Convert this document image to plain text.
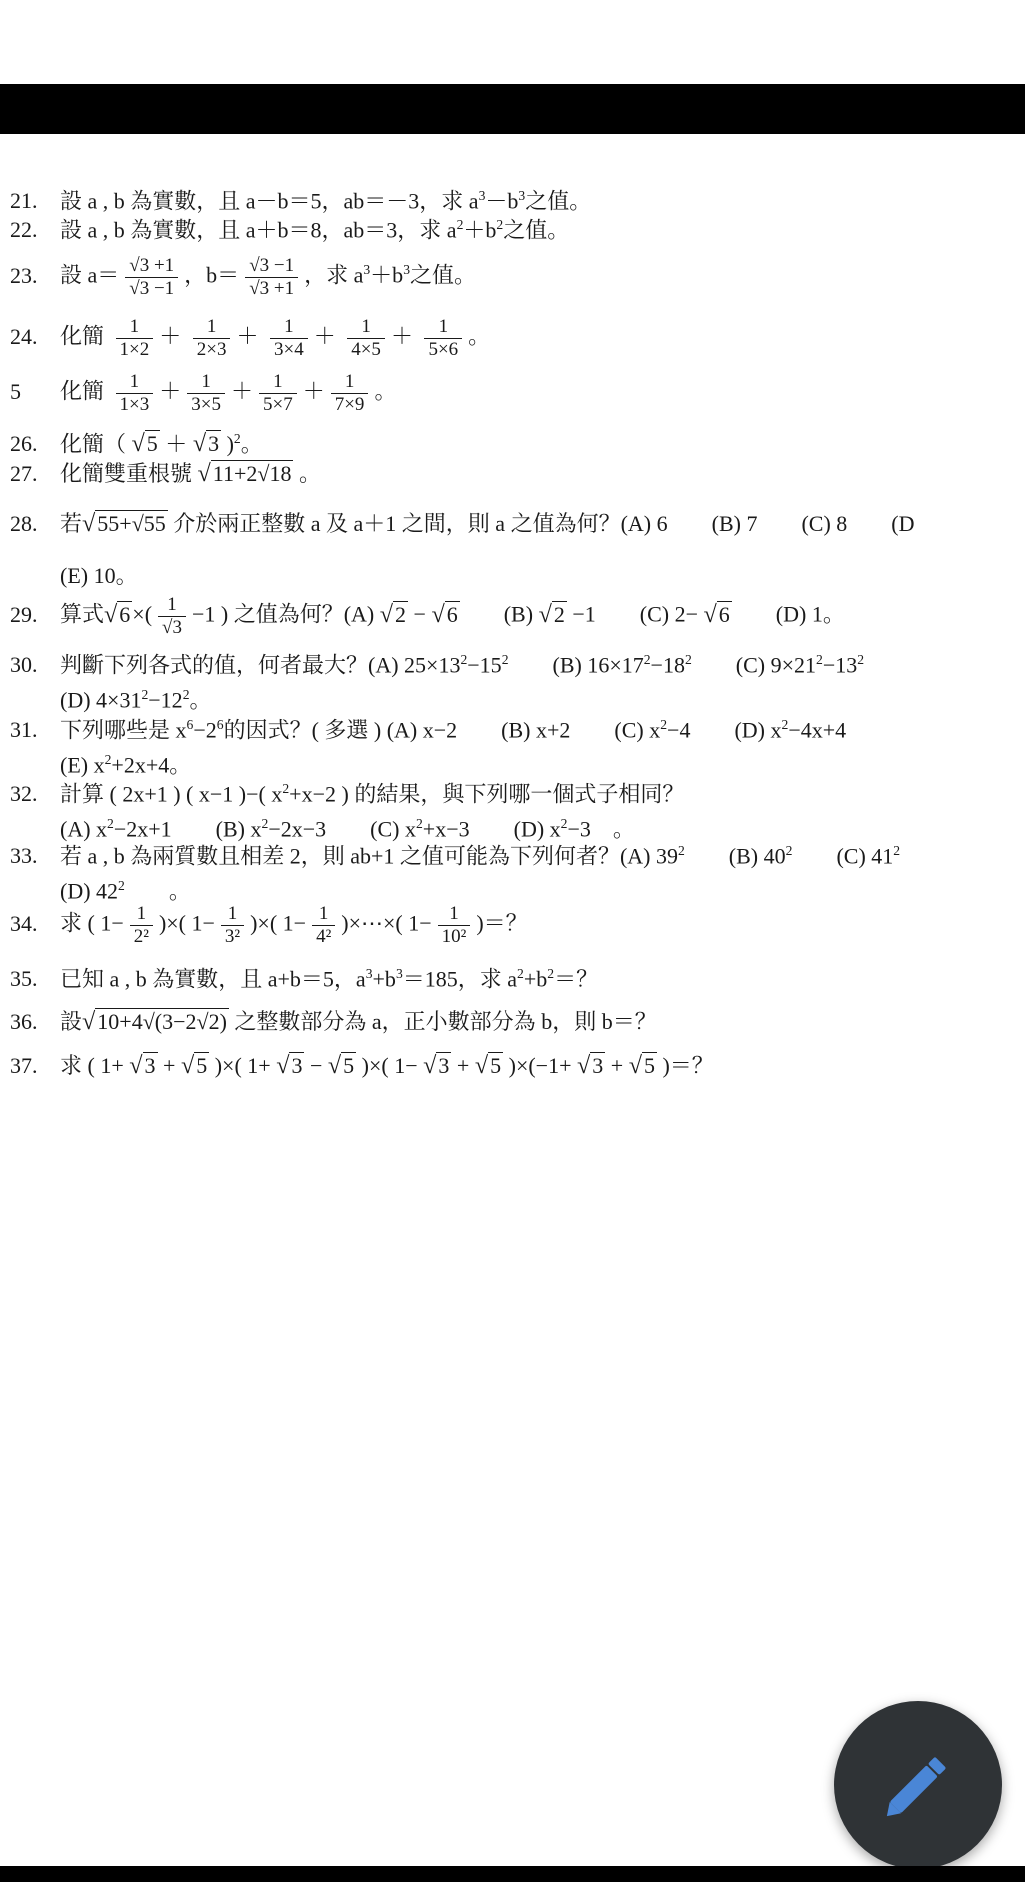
21. 設 a , b 為實數，且 a－b＝5，ab＝－3，求 $a^3-b^3$之值。
22. 設 a , b 為實數，且 a＋b＝8，ab＝3，求 $a^2+b^2$之值。
23. 設 $a= \frac{√3 +1}{√3 -1}$ ，$b= \frac{√3 -1}{√3 +1}$ ，求 $a^3+b^3$之值。
24. 化簡 $\frac{1}{1\times 2} + \frac{1}{2\times 3} + \frac{1}{3\times 4} + \frac{1}{4\times 5} + \frac{1}{5\times 6}$ 。
5 化簡 $\frac{1}{1\times 3} + \frac{1}{3\times 5} + \frac{1}{5\times 7} + \frac{1}{7\times 9}$ 。
26. 化簡（ √5 ＋ √3 )$^2$。
27. 化簡雙重根號 √11+2√18 。
28. 若√55+√55 介於兩正整數 a 及 a＋1 之間，則 a 之值為何？(A) 6　　(B) 7　　(C) 8　　(D
(E) 10。
29. 算式$√6\times( \frac{1}{√3} -1$ ) 之值為何？(A) √2 − √6　　(B) √2 −1　　(C) 2− √6　　(D) 1。
30. 判斷下列各式的值，何者最大？(A) $25\times 13^2-15^2$　　(B) $16\times 17^2-18^2$　　(C) $9\times 21^2-13^2$
(D) $4\times 31^2-12^2$。
31. 下列哪些是 $x^6-2^6$的因式？( 多選 ) (A) x−2　　(B) x+2　　(C) $x^2-4$　　(D) $x^2-4x+4$
(E) $x^2+2x+4$。
32. 計算 ( 2x+1 ) ( x−1 )−( $x^2+x-2$ ) 的結果，與下列哪一個式子相同？
(A) $x^2-2x+1$　　(B) $x^2-2x-3$　　(C) $x^2+x-3$　　(D) $x^2-3$　。
33. 若 a , b 為兩質數且相差 2，則 ab+1 之值可能為下列何者？(A) $39^2$　　(B) $40^2$　　(C) $41^2$
(D) $42^2$　　。
34. 求 ( $1- \frac{1}{\text{2²}}$ )×( $1- \frac{1}{\text{3²}}$ )×( $1- \frac{1}{\text{4²}}$ )×⋯×( $1- \frac{1}{\text{10²}}$ )＝？
35. 已知 a , b 為實數，且 a+b＝5，$a^3+b^3=185$，求 $a^2+b^2=$？
36. 設√10+4√(3−2√2) 之整數部分為 a，正小數部分為 b，則 b＝？
37. 求 ( 1+ √3 + √5 )×( 1+ √3 − √5 )×( 1− √3 + √5 )×(−1+ √3 + √5 )＝？
